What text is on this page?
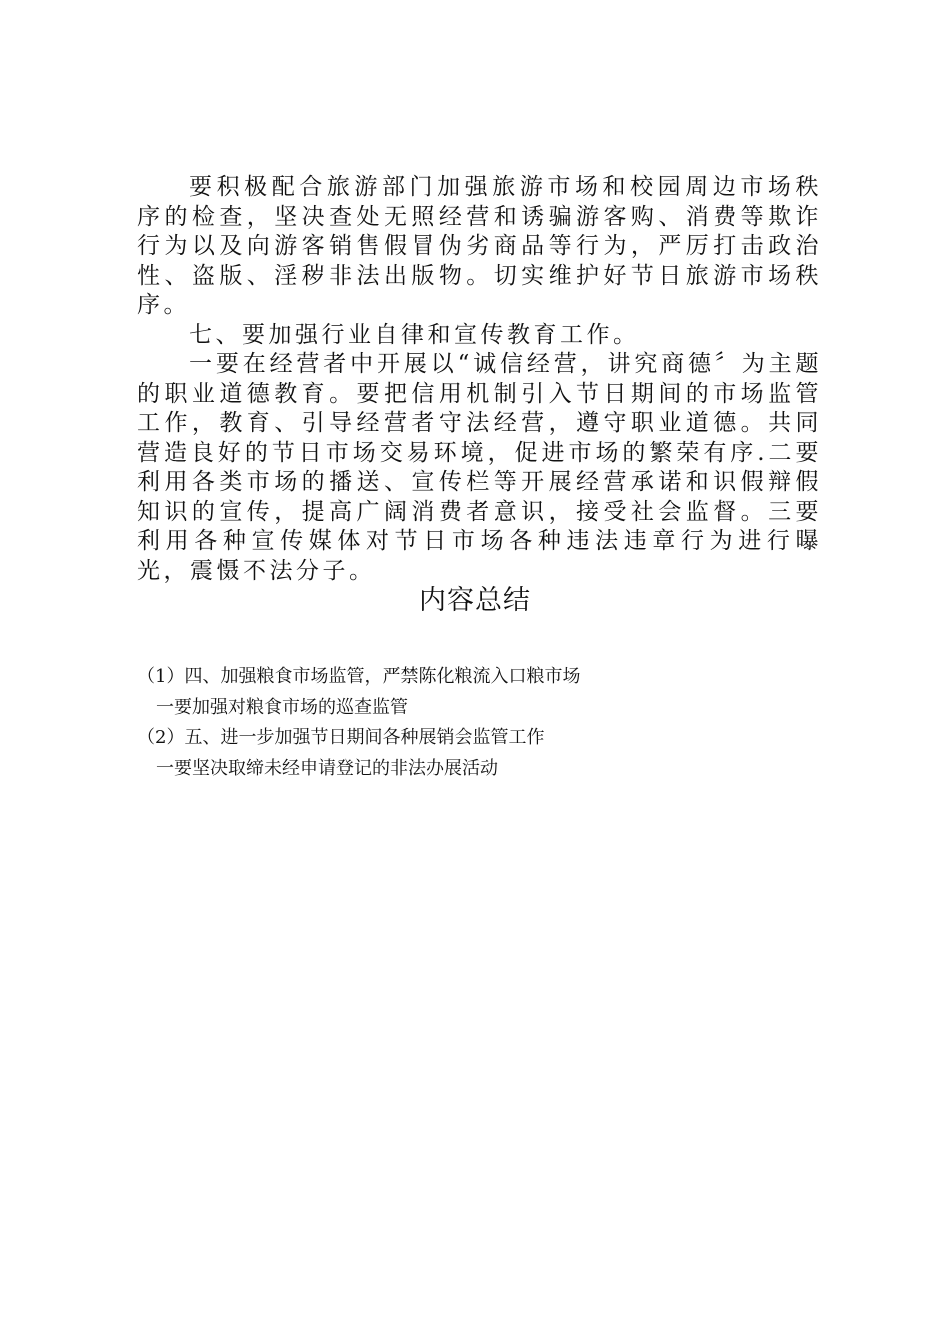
要积极配合旅游部门加强旅游市场和校园周边市场秩序的检查，坚决查处无照经营和诱骗游客购、消费等欺诈行为以及向游客销售假冒伪劣商品等行为，严厉打击政治性、盗版、淫秽非法出版物。切实维护好节日旅游市场秩序。

七、要加强行业自律和宣传教育工作。

一要在经营者中开展以“诚信经营，讲究商德〞为主题的职业道德教育。要把信用机制引入节日期间的市场监管工作，教育、引导经营者守法经营，遵守职业道德。共同营造良好的节日市场交易环境，促进市场的繁荣有序.二要利用各类市场的播送、宣传栏等开展经营承诺和识假辩假知识的宣传，提高广阔消费者意识，接受社会监督。三要利用各种宣传媒体对节日市场各种违法违章行为进行曝光，震慑不法分子。

内容总结

（1）四、加强粮食市场监管，严禁陈化粮流入口粮市场

一要加强对粮食市场的巡查监管

（2）五、进一步加强节日期间各种展销会监管工作

一要坚决取缔未经申请登记的非法办展活动
